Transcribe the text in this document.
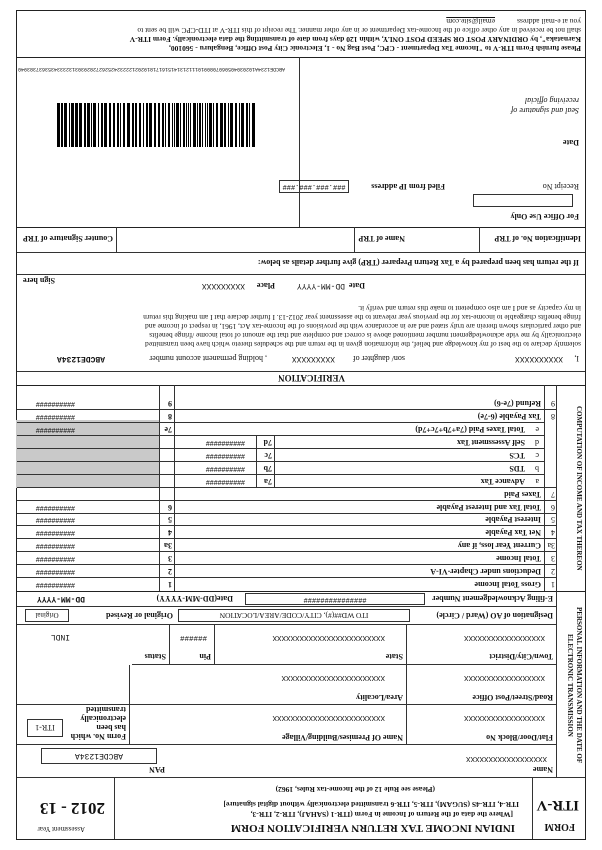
FORM
ITR-V
INDIAN INCOME TAX RETURN VERIFICATION FORM
[Where the data of the Return of Income in Form (ITR-1 (SAHAJ), ITR-2, ITR-3,
ITR-4, ITR-4S (SUGAM), ITR-5, ITR-6 transmitted electronically without digital signature]
(Please see Rule 12 of the Income-tax Rules, 1962)
Assessment Year
2012 - 13
PERSONAL INFORMATION AND THE DATE OF ELECTRONIC TRANSMISSION
Name
XXXXXXXXXXXXXXXXXX
PAN
ABCDE1234A
Flat/Door/Block No
XXXXXXXXXXXXXXXXXX
Name Of Premises/Building/Village
XXXXXXXXXXXXXXXXXXXXXXXXX
Form No. which has been electronically transmitted
ITR-1
Road/Street/Post Office
XXXXXXXXXXXXXXXXXX
Area/Locality
XXXXXXXXXXXXXXXXXXXXXXX
Town/City/District
XXXXXXXXXXXXXXXXXX
State
XXXXXXXXXXXXXXXXXXXXXXXXX
Pin
######
Status
INDL
Designation of AO (Ward / Circle)
ITO WD##(#), CITY/CODE/AREA/LOCATION
Original or Revised
Original
E-filing Acknowledgement Number
###############
Date(DD-MM-YYYY)
DD-MM-YYYY
COMPUTATION OF INCOME AND TAX THEREON
1
Gross Total Income
1
##########
2
Deductions under Chapter-VI-A
2
##########
3
Total Income
3
##########
3a
Current Year loss, if any
3a
##########
4
Net Tax Payable
4
##########
5
Interest Payable
5
##########
6
Total Tax and Interest Payable
6
##########
7
Taxes Paid
a
Advance Tax
7a
##########
b
TDS
7b
##########
c
TCS
7c
##########
d
Self Assessment Tax
7d
##########
e
Total Taxes Paid (7a+7b+7c+7d)
7e
##########
8
Tax Payable (6-7e)
8
##########
9
Refund (7e-6)
9
##########
VERIFICATION
I,
XXXXXXXXXX
son/ daughter of
XXXXXXXXX
, holding permanent account number
ABCDE1234A
solemnly declare to the best of my knowledge and belief, the information given in the return and the schedules thereto which have been transmitted
electronically by me vide acknowledgement number mentioned above is correct and complete and that the amount of total income /fringe benefits
and other particulars shown therein are truly stated and are in accordance with the provisions of the Income-tax Act, 1961, in respect of income and
fringe benefits chargeable to income-tax for the previous year relevant to the assessment year 2012-13. I further declare that I am making this return
in my capacity as and I am also competent to make this return and verify it.
Date
DD-MM-YYYY
Place
XXXXXXXXX
Sign here
If the return has been prepared by a Tax Return Preparer (TRP) give further details as below:
Identification No. of TRP
Name of TRP
Counter Signature of TRP
For Office Use Only
Receipt No
Filed from IP address
###.###.###.###
Date
Seal and signature of
receiving official
ABCDE1234A1020304050607080910111213141516171819202122232425262728293031323334353637383940
Please furnish Form ITR-V to "Income Tax Department - CPC, Post Bag No - 1, Electronic City Post Office, Bengaluru - 560100,
Karnataka", by ORDINARY POST OR SPEED POST ONLY, within 120 days from date of transmitting the data electronically. Form ITR-V
shall not be received in any other office of the Income-tax Department or in any other manner. The receipt of this ITR-V at ITD-CPC will be sent to
you at e-mail address
email@site.com
